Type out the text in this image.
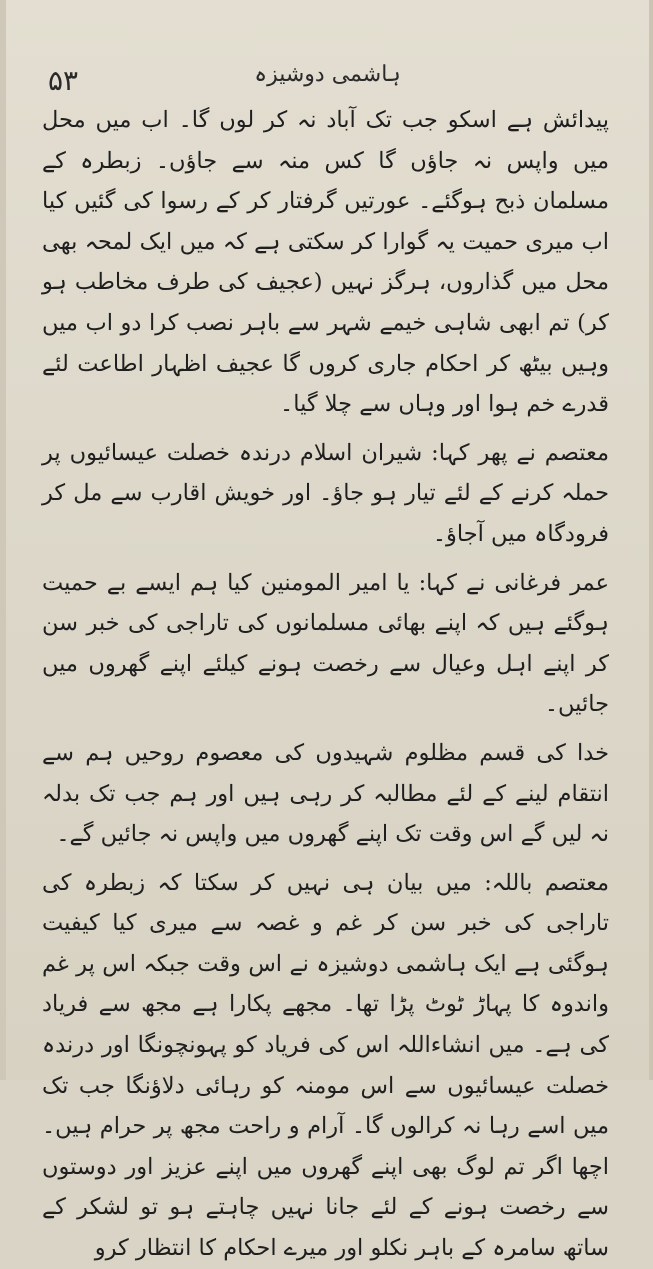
۵۳	ہاشمی دوشیزہ

پیدائش ہے اسکو جب تک آباد نہ کر لوں گا۔ اب میں محل میں واپس نہ جاؤں گا کس منہ سے جاؤں۔ زبطرہ کے مسلمان ذبح ہوگئے۔ عورتیں گرفتار کر کے رسوا کی گئیں کیا اب میری حمیت یہ گوارا کر سکتی ہے کہ میں ایک لمحہ بھی محل میں گذاروں، ہرگز نہیں (عجیف کی طرف مخاطب ہو کر) تم ابھی شاہی خیمے شہر سے باہر نصب کرا دو اب میں وہیں بیٹھ کر احکام جاری کروں گا عجیف اظہار اطاعت لئے قدرے خم ہوا اور وہاں سے چلا گیا۔

معتصم نے پھر کہا: شیران اسلام درندہ خصلت عیسائیوں پر حملہ کرنے کے لئے تیار ہو جاؤ۔ اور خویش اقارب سے مل کر فرودگاہ میں آجاؤ۔

عمر فرغانی نے کہا: یا امیر المومنین کیا ہم ایسے بے حمیت ہوگئے ہیں کہ اپنے بھائی مسلمانوں کی تاراجی کی خبر سن کر اپنے اہل وعیال سے رخصت ہونے کیلئے اپنے گھروں میں جائیں۔

خدا کی قسم مظلوم شہیدوں کی معصوم روحیں ہم سے انتقام لینے کے لئے مطالبہ کر رہی ہیں اور ہم جب تک بدلہ نہ لیں گے اس وقت تک اپنے گھروں میں واپس نہ جائیں گے۔

معتصم باللہ: میں بیان ہی نہیں کر سکتا کہ زبطرہ کی تاراجی کی خبر سن کر غم و غصہ سے میری کیا کیفیت ہوگئی ہے ایک ہاشمی دوشیزہ نے اس وقت جبکہ اس پر غم واندوہ کا پہاڑ ٹوٹ پڑا تھا۔ مجھے پکارا ہے مجھ سے فریاد کی ہے۔ میں انشاءاللہ اس کی فریاد کو پہونچونگا اور درندہ خصلت عیسائیوں سے اس مومنہ کو رہائی دلاؤنگا جب تک میں اسے رہا نہ کرالوں گا۔ آرام و راحت مجھ پر حرام ہیں۔ اچھا اگر تم لوگ بھی اپنے گھروں میں اپنے عزیز اور دوستوں سے رخصت ہونے کے لئے جانا نہیں چاہتے ہو تو لشکر کے ساتھ سامرہ کے باہر نکلو اور میرے احکام کا انتظار کرو
